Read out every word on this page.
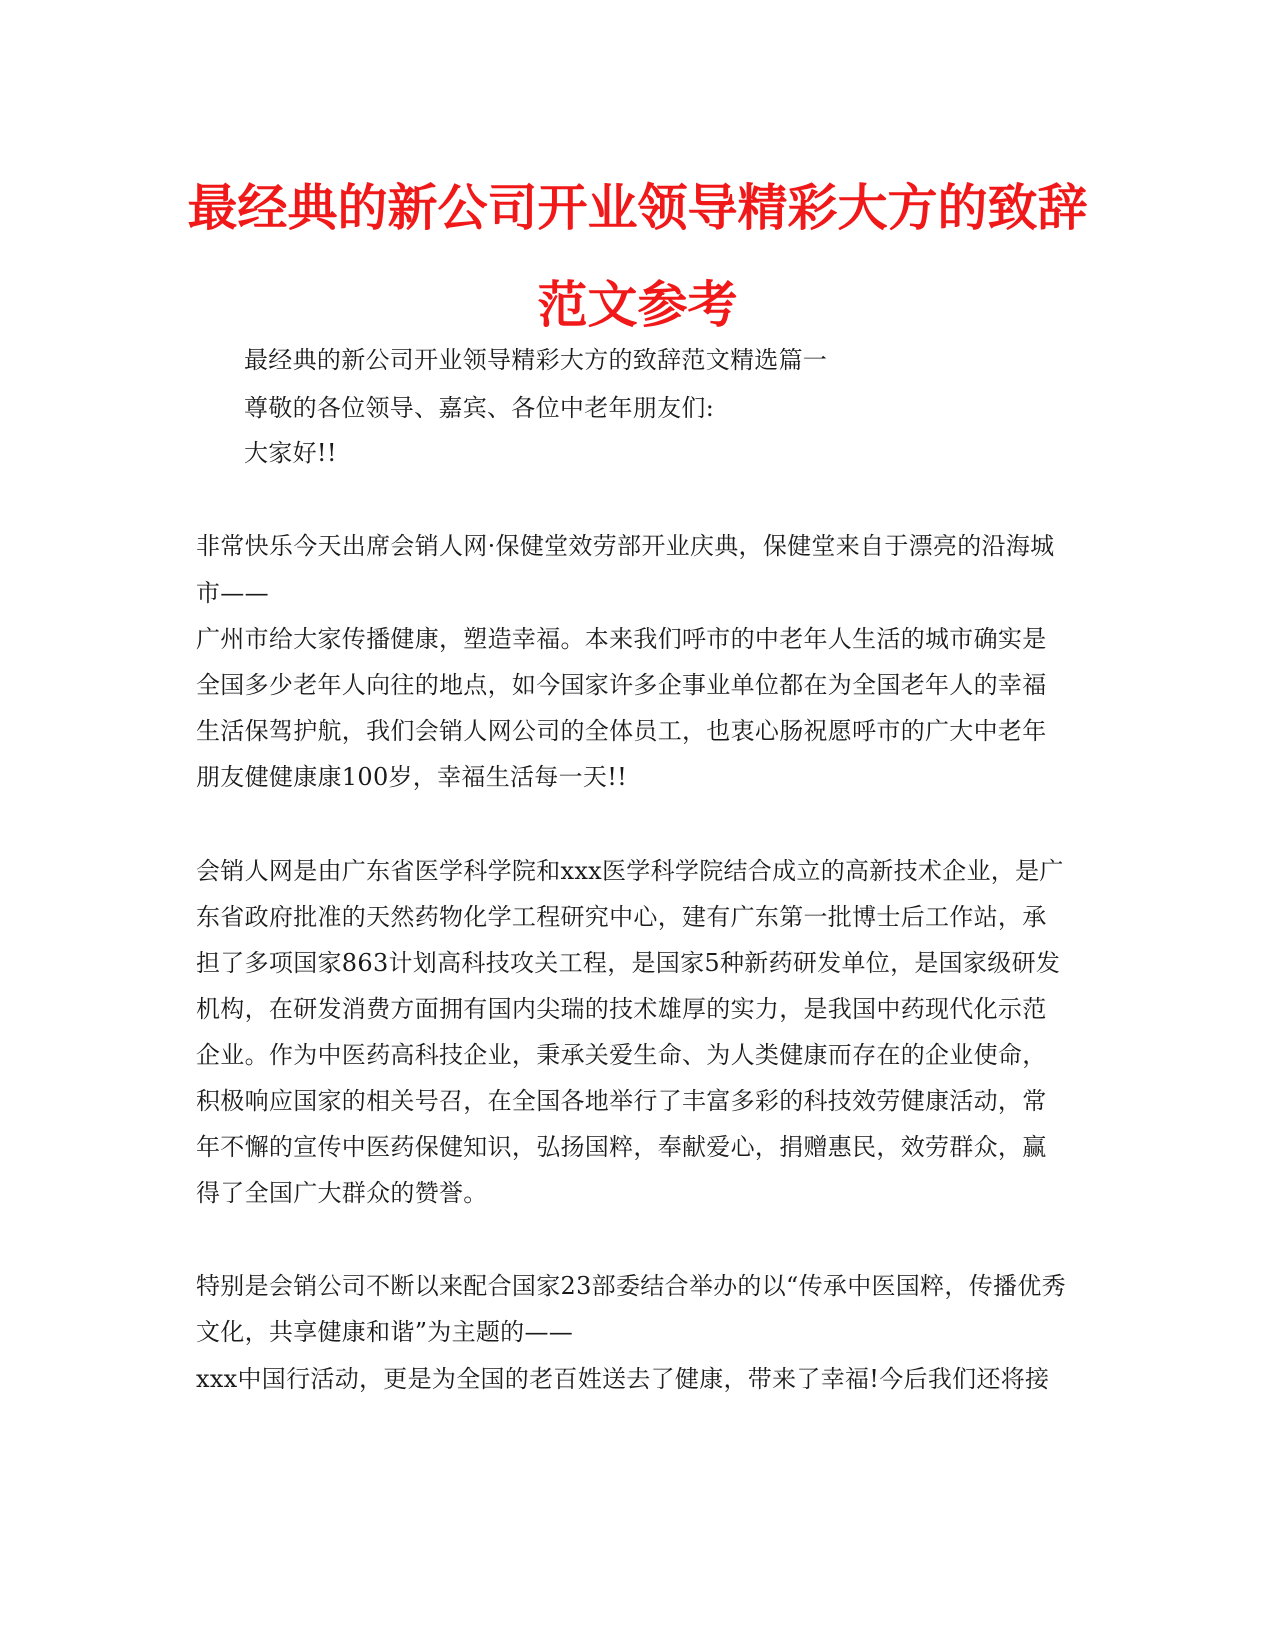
最经典的新公司开业领导精彩大方的致辞
范文参考

最经典的新公司开业领导精彩大方的致辞范文精选篇一

尊敬的各位领导、嘉宾、各位中老年朋友们:

大家好!!

非常快乐今天出席会销人网·保健堂效劳部开业庆典，保健堂来自于漂亮的沿海城

市——

广州市给大家传播健康，塑造幸福。本来我们呼市的中老年人生活的城市确实是

全国多少老年人向往的地点，如今国家许多企事业单位都在为全国老年人的幸福

生活保驾护航，我们会销人网公司的全体员工，也衷心肠祝愿呼市的广大中老年

朋友健健康康100岁，幸福生活每一天!!

会销人网是由广东省医学科学院和xxx医学科学院结合成立的高新技术企业，是广

东省政府批准的天然药物化学工程研究中心，建有广东第一批博士后工作站，承

担了多项国家863计划高科技攻关工程，是国家5种新药研发单位，是国家级研发

机构，在研发消费方面拥有国内尖瑞的技术雄厚的实力，是我国中药现代化示范

企业。作为中医药高科技企业，秉承关爱生命、为人类健康而存在的企业使命，

积极响应国家的相关号召，在全国各地举行了丰富多彩的科技效劳健康活动，常

年不懈的宣传中医药保健知识，弘扬国粹，奉献爱心，捐赠惠民，效劳群众，赢

得了全国广大群众的赞誉。

特别是会销公司不断以来配合国家23部委结合举办的以“传承中医国粹，传播优秀

文化，共享健康和谐”为主题的——

xxx中国行活动，更是为全国的老百姓送去了健康，带来了幸福!今后我们还将接
